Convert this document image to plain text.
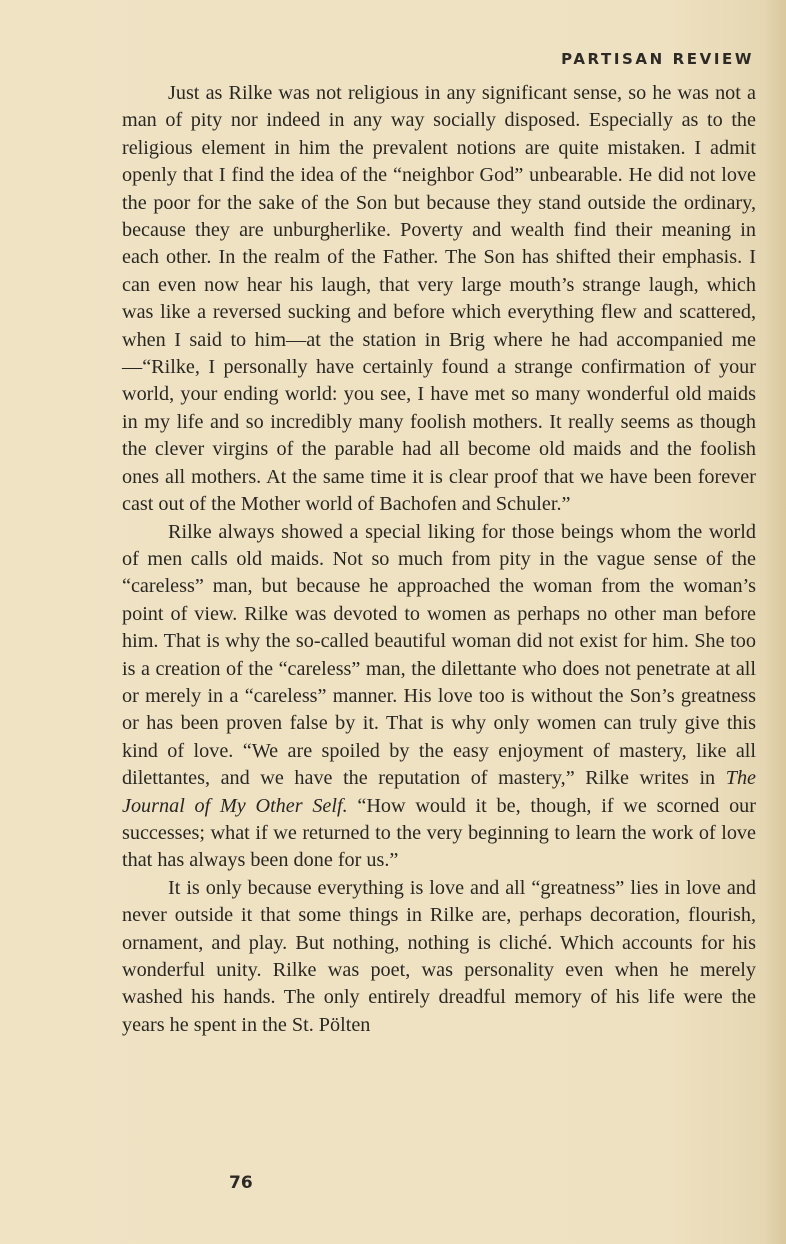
PARTISAN REVIEW

Just as Rilke was not religious in any significant sense, so he was not a man of pity nor indeed in any way socially disposed. Especially as to the religious element in him the prevalent notions are quite mistaken. I admit openly that I find the idea of the “neighbor God” unbearable. He did not love the poor for the sake of the Son but because they stand outside the ordinary, because they are unburgherlike. Poverty and wealth find their meaning in each other. In the realm of the Father. The Son has shifted their emphasis. I can even now hear his laugh, that very large mouth’s strange laugh, which was like a reversed sucking and before which everything flew and scattered, when I said to him—at the station in Brig where he had accompanied me—“Rilke, I personally have certainly found a strange confirmation of your world, your ending world: you see, I have met so many wonderful old maids in my life and so incredibly many foolish mothers. It really seems as though the clever virgins of the parable had all become old maids and the foolish ones all mothers. At the same time it is clear proof that we have been forever cast out of the Mother world of Bachofen and Schuler.”

Rilke always showed a special liking for those beings whom the world of men calls old maids. Not so much from pity in the vague sense of the “careless” man, but because he approached the woman from the woman’s point of view. Rilke was devoted to women as perhaps no other man before him. That is why the so-called beautiful woman did not exist for him. She too is a creation of the “careless” man, the dilettante who does not penetrate at all or merely in a “careless” manner. His love too is without the Son’s greatness or has been proven false by it. That is why only women can truly give this kind of love. “We are spoiled by the easy enjoyment of mastery, like all dilettantes, and we have the reputation of mastery,” Rilke writes in The Journal of My Other Self. “How would it be, though, if we scorned our successes; what if we returned to the very beginning to learn the work of love that has always been done for us.”

It is only because everything is love and all “greatness” lies in love and never outside it that some things in Rilke are, perhaps decoration, flourish, ornament, and play. But nothing, nothing is cliché. Which accounts for his wonderful unity. Rilke was poet, was personality even when he merely washed his hands. The only entirely dreadful memory of his life were the years he spent in the St. Pölten

76
